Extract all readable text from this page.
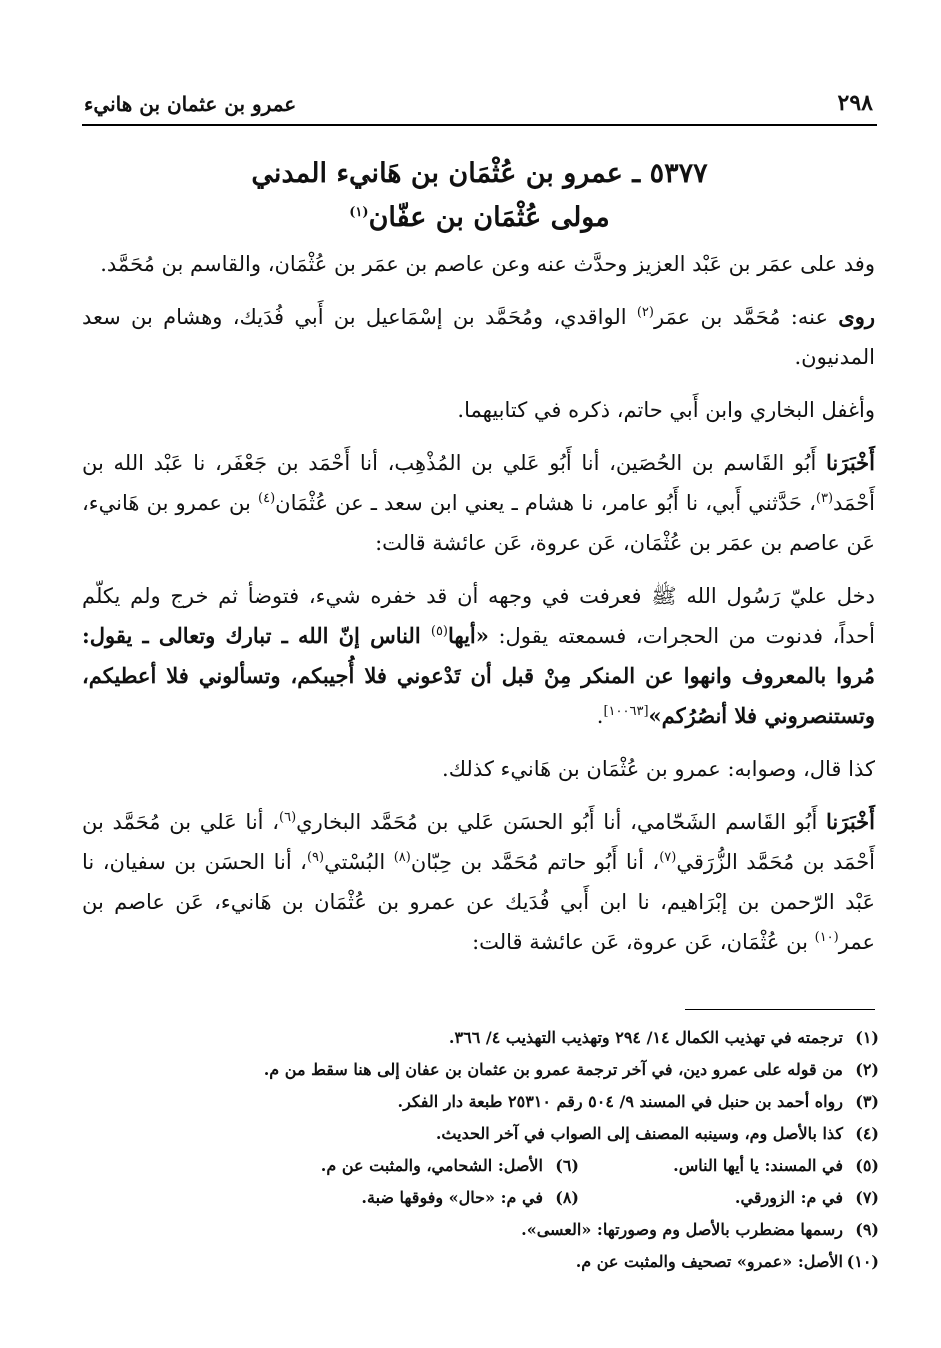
٢٩٨
عمرو بن عثمان بن هانيء
٥٣٧٧ ـ عمرو بن عُثْمَان بن هَانيء المدني
مولى عُثْمَان بن عفّان$^{(١)}$

وفد على عمَر بن عَبْد العزيز وحدَّث عنه وعن عاصم بن عمَر بن عُثْمَان، والقاسم بن مُحَمَّد.

روى عنه: مُحَمَّد بن عمَر$^{(٢)}$ الواقدي، ومُحَمَّد بن إسْمَاعيل بن أَبي فُدَيك، وهشام بن سعد المدنيون.

وأغفل البخاري وابن أَبي حاتم، ذكره في كتابيهما.

أَخْبَرَنا أَبُو القَاسم بن الحُصَين، أنا أَبُو عَلي بن المُذْهِب، أنا أَحْمَد بن جَعْفَر، نا عَبْد الله بن أَحْمَد$^{(٣)}$، حَدَّثني أَبي، نا أَبُو عامر، نا هشام ـ يعني ابن سعد ـ عن عُثْمَان$^{(٤)}$ بن عمرو بن هَانيء، عَن عاصم بن عمَر بن عُثْمَان، عَن عروة، عَن عائشة قالت:

دخل عليّ رَسُول الله ﷺ فعرفت في وجهه أن قد خفره شيء، فتوضأ ثم خرج ولم يكلّم أحداً، فدنوت من الحجرات، فسمعته يقول: «أيها$^{(٥)}$ الناس إنّ الله ـ تبارك وتعالى ـ يقول: مُروا بالمعروف وانهوا عن المنكر مِنْ قبل أن تَدْعوني فلا أُجيبكم، وتسألوني فلا أعطيكم، وتستنصروني فلا أنصُرُكم»[١٠٠٦٣].

كذا قال، وصوابه: عمرو بن عُثْمَان بن هَانيء كذلك.

أَخْبَرَنا أَبُو القَاسم الشَحّامي، أنا أَبُو الحسَن عَلي بن مُحَمَّد البخاري$^{(٦)}$، أنا عَلي بن مُحَمَّد بن أَحْمَد بن مُحَمَّد الزُّرَقي$^{(٧)}$، أنا أَبُو حاتم مُحَمَّد بن حِبّان$^{(٨)}$ البُسْتي$^{(٩)}$، أنا الحسَن بن سفيان، نا عَبْد الرّحمن بن إبْرَاهيم، نا ابن أَبي فُدَيك عن عمرو بن عُثْمَان بن هَانيء، عَن عاصم بن عمر$^{(١٠)}$ بن عُثْمَان، عَن عروة، عَن عائشة قالت:

(١)
ترجمته في تهذيب الكمال ١٤/ ٢٩٤ وتهذيب التهذيب ٤/ ٣٦٦.
(٢)
من قوله على عمرو دين، في آخر ترجمة عمرو بن عثمان بن عفان إلى هنا سقط من م.
(٣)
رواه أحمد بن حنبل في المسند ٩/ ٥٠٤ رقم ٢٥٣١٠ طبعة دار الفكر.
(٤)
كذا بالأصل وم، وسينبه المصنف إلى الصواب في آخر الحديث.
(٥)
في المسند: يا أيها الناس.
(٦)
الأصل: الشحامي، والمثبت عن م.
(٧)
في م: الزورقي.
(٨)
في م: «حال» وفوقها ضبة.
(٩)
رسمها مضطرب بالأصل وم وصورتها: «العسى».
(١٠)
الأصل: «عمرو» تصحيف والمثبت عن م.
